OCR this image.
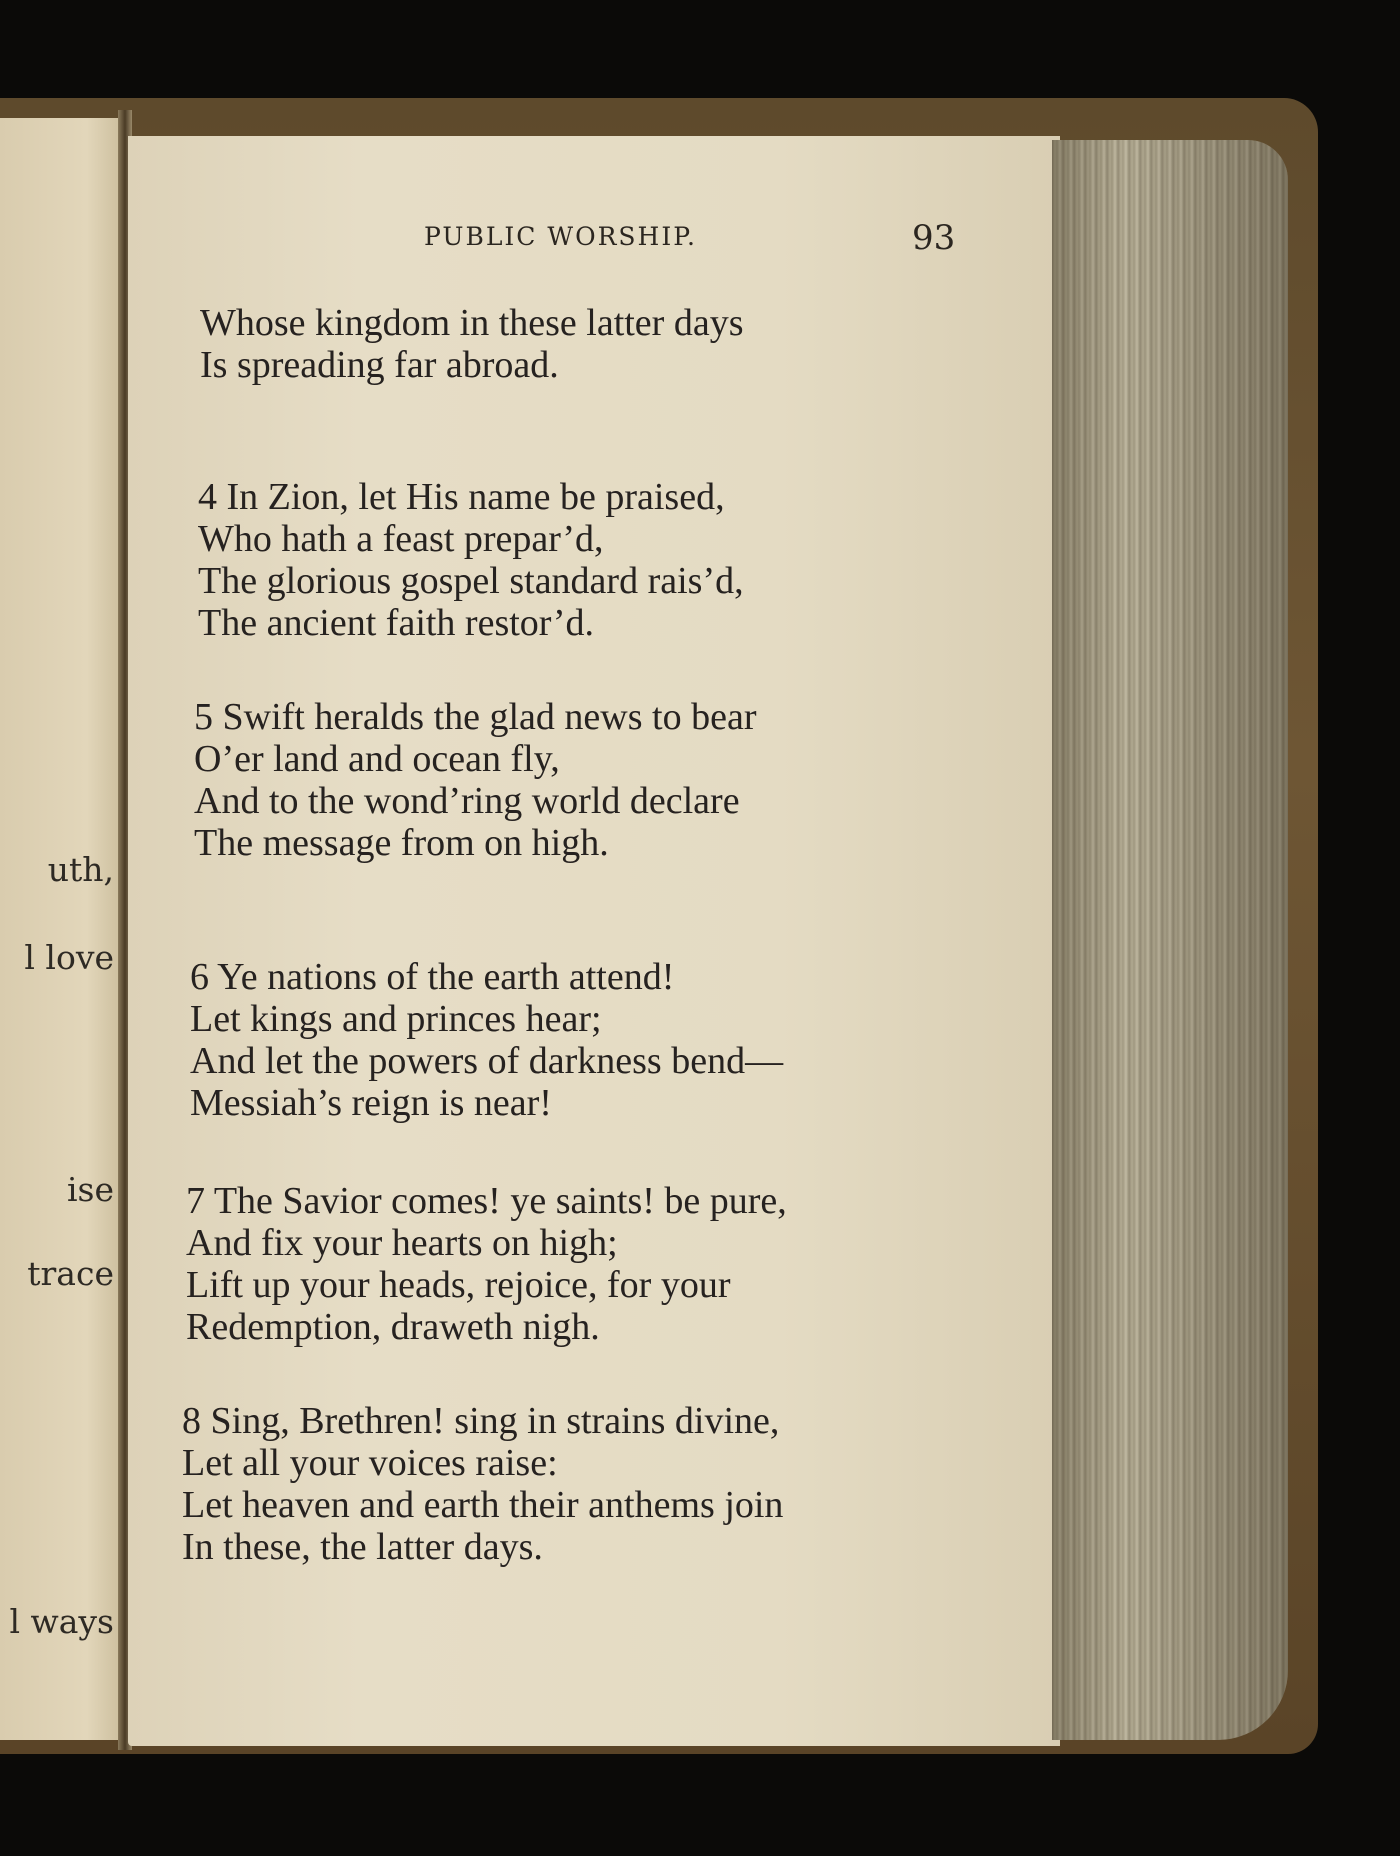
uth,
l love
ise
trace
l ways
PUBLIC WORSHIP.	93
Whose kingdom in these latter days
Is spreading far abroad.
4 In Zion, let His name be praised,
Who hath a feast prepar’d,
The glorious gospel standard rais’d,
The ancient faith restor’d.
5 Swift heralds the glad news to bear
O’er land and ocean fly,
And to the wond’ring world declare
The message from on high.
6 Ye nations of the earth attend!
Let kings and princes hear;
And let the powers of darkness bend—
Messiah’s reign is near!
7 The Savior comes! ye saints! be pure,
And fix your hearts on high;
Lift up your heads, rejoice, for your
Redemption, draweth nigh.
8 Sing, Brethren! sing in strains divine,
Let all your voices raise:
Let heaven and earth their anthems join
In these, the latter days.
